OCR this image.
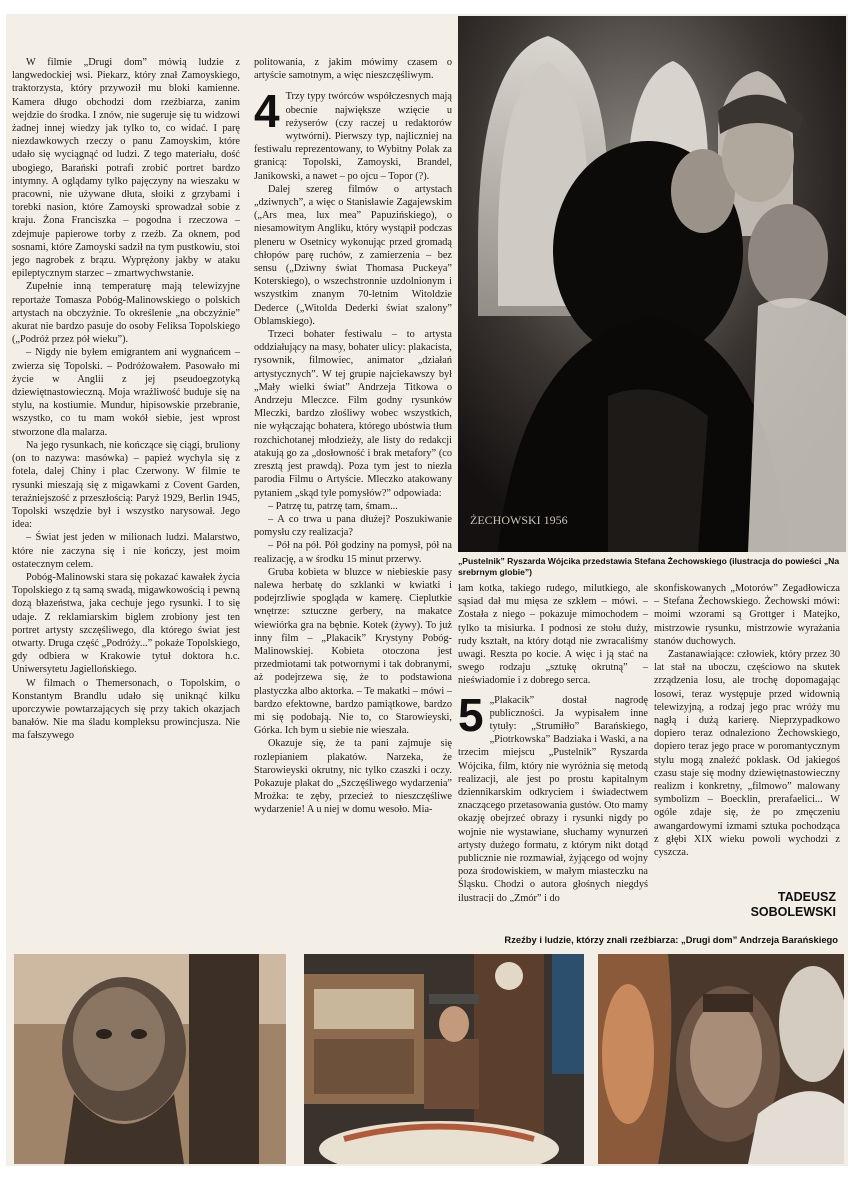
W filmie „Drugi dom” mówią ludzie z langwedockiej wsi. Piekarz, który znał Zamoyskiego, traktorzysta, który przywoził mu bloki kamienne. Kamera długo obchodzi dom rzeźbiarza, zanim wejdzie do środka. I znów, nie sugeruje się tu widzowi żadnej innej wiedzy jak tylko to, co widać. I parę niezdawkowych rzeczy o panu Zamoyskim, które udało się wyciągnąć od ludzi. Z tego materiału, dość ubogiego, Barański potrafi zrobić portret bardzo intymny. A oglądamy tylko pajęczyny na wieszaku w pracowni, nie używane dłuta, słoiki z grzybami i torebki nasion, które Zamoyski sprowadzał sobie z kraju. Żona Franciszka – pogodna i rzeczowa – zdejmuje papierowe torby z rzeźb. Za oknem, pod sosnami, które Zamoyski sadził na tym pustkowiu, stoi jego nagrobek z brązu. Wyprężony jakby w ataku epileptycznym starzec – zmartwychwstanie.

Zupełnie inną temperaturę mają telewizyjne reportaże Tomasza Pobóg-Malinowskiego o polskich artystach na obczyźnie. To określenie „na obczyźnie” akurat nie bardzo pasuje do osoby Feliksa Topolskiego („Podróż przez pół wieku”).

– Nigdy nie byłem emigrantem ani wygnańcem – zwierza się Topolski. – Podróżowałem. Pasowało mi życie w Anglii z jej pseudoegzotyką dziewiętnastowieczną. Moja wrażliwość buduje się na stylu, na kostiumie. Mundur, hipisowskie przebranie, wszystko, co tu mam wokół siebie, jest wprost stworzone dla malarza.

Na jego rysunkach, nie kończące się ciągi, bruliony (on to nazywa: masówka) – papież wychyla się z fotela, dalej Chiny i plac Czerwony. W filmie te rysunki mieszają się z migawkami z Covent Garden, teraźniejszość z przeszłością: Paryż 1929, Berlin 1945, Topolski wszędzie był i wszystko narysował. Jego idea:

– Świat jest jeden w milionach ludzi. Malarstwo, które nie zaczyna się i nie kończy, jest moim ostatecznym celem.

Pobóg-Malinowski stara się pokazać kawałek życia Topolskiego z tą samą swadą, migawkowością i pewną dozą błazeństwa, jaka cechuje jego rysunki. I to się udaje. Z reklamiarskim biglem zrobiony jest ten portret artysty szczęśliwego, dla którego świat jest otwarty. Druga część „Podróży...” pokaże Topolskiego, gdy odbiera w Krakowie tytuł doktora h.c. Uniwersytetu Jagiellońskiego.

W filmach o Themersonach, o Topolskim, o Konstantym Brandlu udało się uniknąć kilku uporczywie powtarzających się przy takich okazjach banałów. Nie ma śladu kompleksu prowincjusza. Nie ma fałszywego

politowania, z jakim mówimy czasem o artyście samotnym, a więc nieszczęśliwym.

4 Trzy typy twórców współczesnych mają obecnie największe wzięcie u reżyserów (czy raczej u redaktorów wytwórni). Pierwszy typ, najliczniej na festiwalu reprezentowany, to Wybitny Polak za granicą: Topolski, Zamoyski, Brandel, Janikowski, a nawet – po ojcu – Topor (?).

Dalej szereg filmów o artystach „dziwnych”, a więc o Stanisławie Zagajewskim („Ars mea, lux mea” Papuzińskiego), o niesamowitym Angliku, który wystąpił podczas pleneru w Osetnicy wykonując przed gromadą chłopów parę ruchów, z zamierzenia – bez sensu („Dziwny świat Thomasa Puckeya” Koterskiego), o wszechstronnie uzdolnionym i wszystkim znanym 70-letnim Witoldzie Dederce („Witolda Dederki świat szalony” Oblamskiego).

Trzeci bohater festiwalu – to artysta oddziałujący na masy, bohater ulicy: plakacista, rysownik, filmowiec, animator „działań artystycznych”. W tej grupie najciekawszy był „Mały wielki świat” Andrzeja Titkowa o Andrzeju Mleczce. Film godny rysunków Mleczki, bardzo złośliwy wobec wszystkich, nie wyłączając bohatera, którego ubóstwia tłum rozchichotanej młodzieży, ale listy do redakcji atakują go za „dosłowność i brak metafory” (co zresztą jest prawdą). Poza tym jest to niezła parodia Filmu o Artyście. Mleczko atakowany pytaniem „skąd tyle pomysłów?” odpowiada:

– Patrzę tu, patrzę tam, śmam...

– A co trwa u pana dłużej? Poszukiwanie pomysłu czy realizacja?

– Pół na pół. Pół godziny na pomysł, pół na realizację, a w środku 15 minut przerwy.

Gruba kobieta w bluzce w niebieskie pasy nalewa herbatę do szklanki w kwiatki i podejrzliwie spogląda w kamerę. Cieplutkie wnętrze: sztuczne gerbery, na makatce wiewiórka gra na bębnie. Kotek (żywy). To już inny film – „Plakacik” Krystyny Pobóg-Malinowskiej. Kobieta otoczona jest przedmiotami tak potwornymi i tak dobranymi, aż podejrzewa się, że to podstawiona plastyczka albo aktorka. – Te makatki – mówi – bardzo efektowne, bardzo pamiątkowe, bardzo mi się podobają. Nie to, co Starowieyski, Górka. Ich bym u siebie nie wieszała.

Okazuje się, że ta pani zajmuje się rozlepianiem plakatów. Narzeka, że Starowieyski okrutny, nic tylko czaszki i oczy. Pokazuje plakat do „Szczęśliwego wydarzenia” Mrożka: te zęby, przecież to nieszczęśliwe wydarzenie! A u niej w domu wesoło. Mia-

ŻECHOWSKI 1956
„Pustelnik” Ryszarda Wójcika przedstawia Stefana Żechowskiego (ilustracja do powieści „Na srebrnym globie”)

łam kotka, takiego rudego, milutkiego, ale sąsiad dał mu mięsa ze szkłem – mówi. – Została z niego – pokazuje mimochodem – tylko ta misiurka. I podnosi ze stołu duży, rudy kształt, na który dotąd nie zwracaliśmy uwagi. Reszta po kocie. A więc i ją stać na swego rodzaju „sztukę okrutną” – nieświadomie i z dobrego serca.

5 „Plakacik” dostał nagrodę publiczności. Ja wypisałem inne tytuły: „Strumiłło” Barańskiego, „Piotrkowska” Badziaka i Waski, a na trzecim miejscu „Pustelnik” Ryszarda Wójcika, film, który nie wyróżnia się metodą realizacji, ale jest po prostu kapitalnym dziennikarskim odkryciem i świadectwem znaczącego przetasowania gustów. Oto mamy okazję obejrzeć obrazy i rysunki nigdy po wojnie nie wystawiane, słuchamy wynurzeń artysty dużego formatu, z którym nikt dotąd publicznie nie rozmawiał, żyjącego od wojny poza środowiskiem, w małym miasteczku na Śląsku. Chodzi o autora głośnych niegdyś ilustracji do „Zmór” i do

skonfiskowanych „Motorów” Zegadłowicza – Stefana Żechowskiego. Żechowski mówi: moimi wzorami są Grottger i Matejko, mistrzowie rysunku, mistrzowie wyrażania stanów duchowych.

Zastanawiające: człowiek, który przez 30 lat stał na uboczu, częściowo na skutek zrządzenia losu, ale trochę dopomagając losowi, teraz występuje przed widownią telewizyjną, a rodzaj jego prac wróży mu nagłą i dużą karierę. Nieprzypadkowo dopiero teraz odnaleziono Żechowskiego, dopiero teraz jego prace w poromantycznym stylu mogą znaleźć poklask. Od jakiegoś czasu staje się modny dziewiętnastowieczny realizm i konkretny, „filmowo” malowany symbolizm – Boecklin, prerafaelici... W ogóle zdaje się, że po zmęczeniu awangardowymi izmami sztuka pochodząca z głębi XIX wieku powoli wychodzi z cyszcza.

TADEUSZ
SOBOLEWSKI
Rzeźby i ludzie, którzy znali rzeźbiarza: „Drugi dom” Andrzeja Barańskiego
